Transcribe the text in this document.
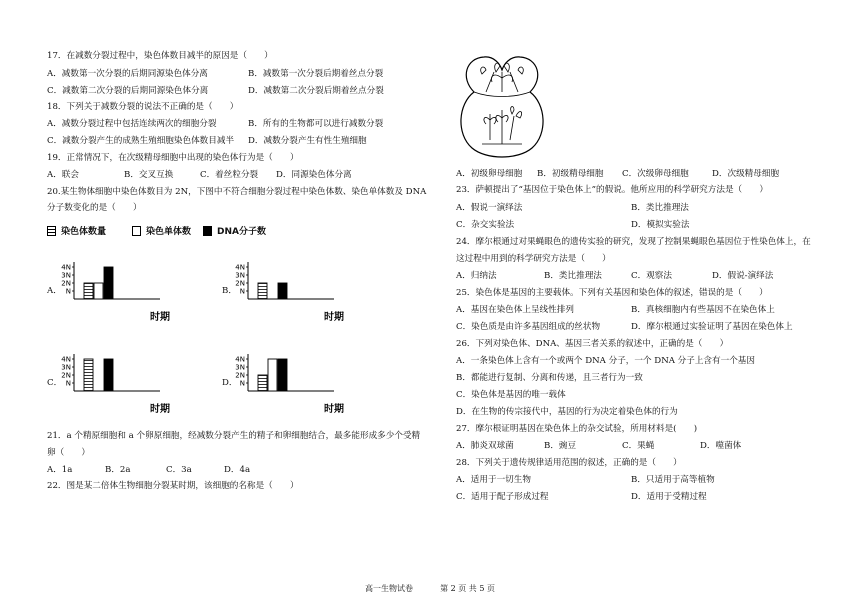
17．在减数分裂过程中，染色体数目减半的原因是（　　）
A．减数第一次分裂的后期同源染色体分离	B．减数第一次分裂后期着丝点分裂
C．减数第二次分裂的后期同源染色体分离	D．减数第二次分裂后期着丝点分裂
18．下列关于减数分裂的说法不正确的是（　　）
A．减数分裂过程中包括连续两次的细胞分裂	B．所有的生物都可以进行减数分裂
C．减数分裂产生的成熟生殖细胞染色体数目减半 D．减数分裂产生有性生殖细胞
19．正常情况下，在次级精母细胞中出现的染色体行为是（　　）
A．联会	B．交叉互换	C．着丝粒分裂 D．同源染色体分离
20.某生物体细胞中染色体数目为 2N，下图中不符合细胞分裂过程中染色体数、染色单体数及 DNA
分子数变化的是（　　）
染色体数量	染色单体数	DNA分子数
A．
4N
3N
2N
N
时期
B．
4N
3N
2N
N
时期
C．
4N
3N
2N
N
时期
D．
4N
3N
2N
N
时期
21．a 个精原细胞和 a 个卵原细胞，经减数分裂产生的精子和卵细胞结合，最多能形成多少个受精
卵（　　）
A．1a	B．2a	C．3a	D．4a
22．图是某二倍体生物细胞分裂某时期，该细胞的名称是（　　）
A．初级卵母细胞 B．初级精母细胞 C．次级卵母细胞	D．次级精母细胞
23．萨顿提出了“基因位于染色体上”的假说。他所应用的科学研究方法是（　　）
A．假说一演绎法	B．类比推理法
C．杂交实验法	D．模拟实验法
24．摩尔根通过对果蝇眼色的遗传实验的研究，发现了控制果蝇眼色基因位于性染色体上，在
这过程中用到的科学研究方法是（　　）
A．归纳法	B．类比推理法	C．观察法	D．假说-演绎法
25．染色体是基因的主要载体。下列有关基因和染色体的叙述，错误的是（　　）
A．基因在染色体上呈线性排列	B．真核细胞内有些基因不在染色体上
C．染色质是由许多基因组成的丝状物	D．摩尔根通过实验证明了基因在染色体上
26．下列对染色体、DNA、基因三者关系的叙述中，正确的是（　　）
A．一条染色体上含有一个或两个 DNA 分子，一个 DNA 分子上含有一个基因
B．都能进行复制、分离和传递，且三者行为一致
C．染色体是基因的唯一载体
D．在生物的传宗接代中，基因的行为决定着染色体的行为
27．摩尔根证明基因在染色体上的杂交试验，所用材料是(　　)
A．肺炎双球菌	B．豌豆	C．果蝇	D．噬菌体
28．下列关于遗传规律适用范围的叙述，正确的是（　　）
A．适用于一切生物	B．只适用于高等植物
C．适用于配子形成过程	D．适用于受精过程
高一生物试卷	第 2 页 共 5 页
